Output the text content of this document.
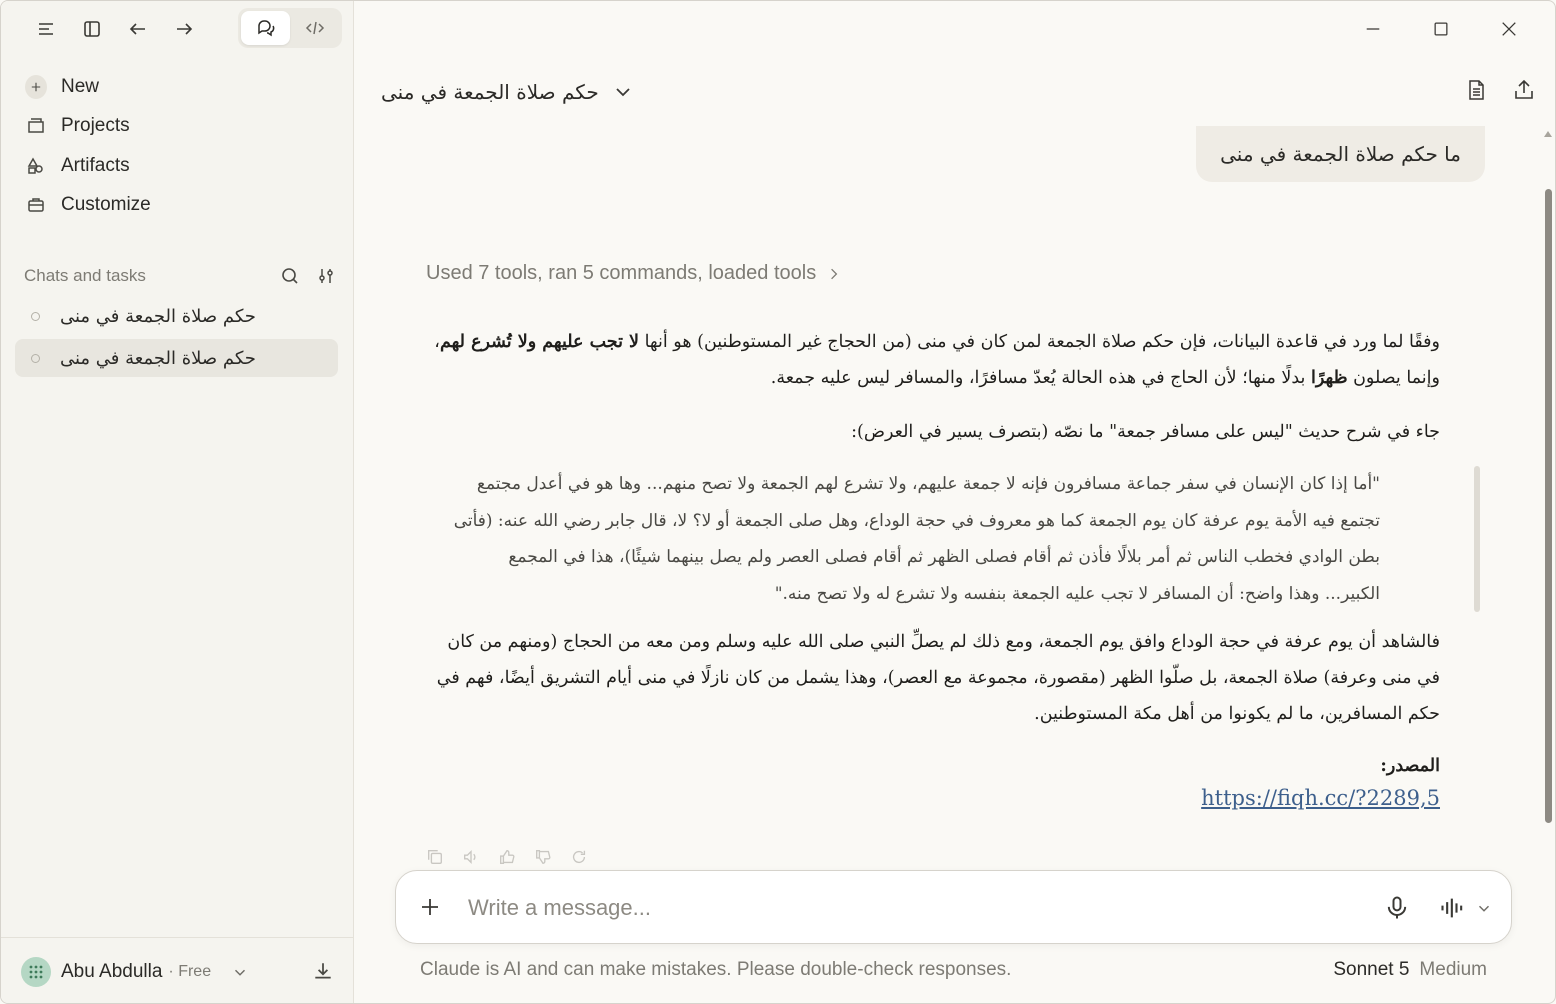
New
Projects
Artifacts
Customize
Chats and tasks
حكم صلاة الجمعة في منى
حكم صلاة الجمعة في منى
Abu Abdulla · Free
حكم صلاة الجمعة في منى
ما حكم صلاة الجمعة في منى
Used 7 tools, ran 5 commands, loaded tools

وفقًا لما ورد في قاعدة البيانات، فإن حكم صلاة الجمعة لمن كان في منى (من الحجاج غير المستوطنين) هو أنها لا تجب عليهم ولا تُشرع لهم، وإنما يصلون ظهرًا بدلًا منها؛ لأن الحاج في هذه الحالة يُعدّ مسافرًا، والمسافر ليس عليه جمعة.

جاء في شرح حديث "ليس على مسافر جمعة" ما نصّه (بتصرف يسير في العرض):

"أما إذا كان الإنسان في سفر جماعة مسافرون فإنه لا جمعة عليهم، ولا تشرع لهم الجمعة ولا تصح منهم... وها هو في أعدل مجتمع تجتمع فيه الأمة يوم عرفة كان يوم الجمعة كما هو معروف في حجة الوداع، وهل صلى الجمعة أو لا؟ لا، قال جابر رضي الله عنه: (فأتى بطن الوادي فخطب الناس ثم أمر بلالًا فأذن ثم أقام فصلى الظهر ثم أقام فصلى العصر ولم يصل بينهما شيئًا)، هذا في المجمع الكبير... وهذا واضح: أن المسافر لا تجب عليه الجمعة بنفسه ولا تشرع له ولا تصح منه."

فالشاهد أن يوم عرفة في حجة الوداع وافق يوم الجمعة، ومع ذلك لم يصلِّ النبي صلى الله عليه وسلم ومن معه من الحجاج (ومنهم من كان في منى وعرفة) صلاة الجمعة، بل صلّوا الظهر (مقصورة، مجموعة مع العصر)، وهذا يشمل من كان نازلًا في منى أيام التشريق أيضًا، فهم في حكم المسافرين، ما لم يكونوا من أهل مكة المستوطنين.

المصدر:

https://fiqh.cc/?2289,5
Write a message...
Claude is AI and can make mistakes. Please double-check responses.	Sonnet 5 Medium
